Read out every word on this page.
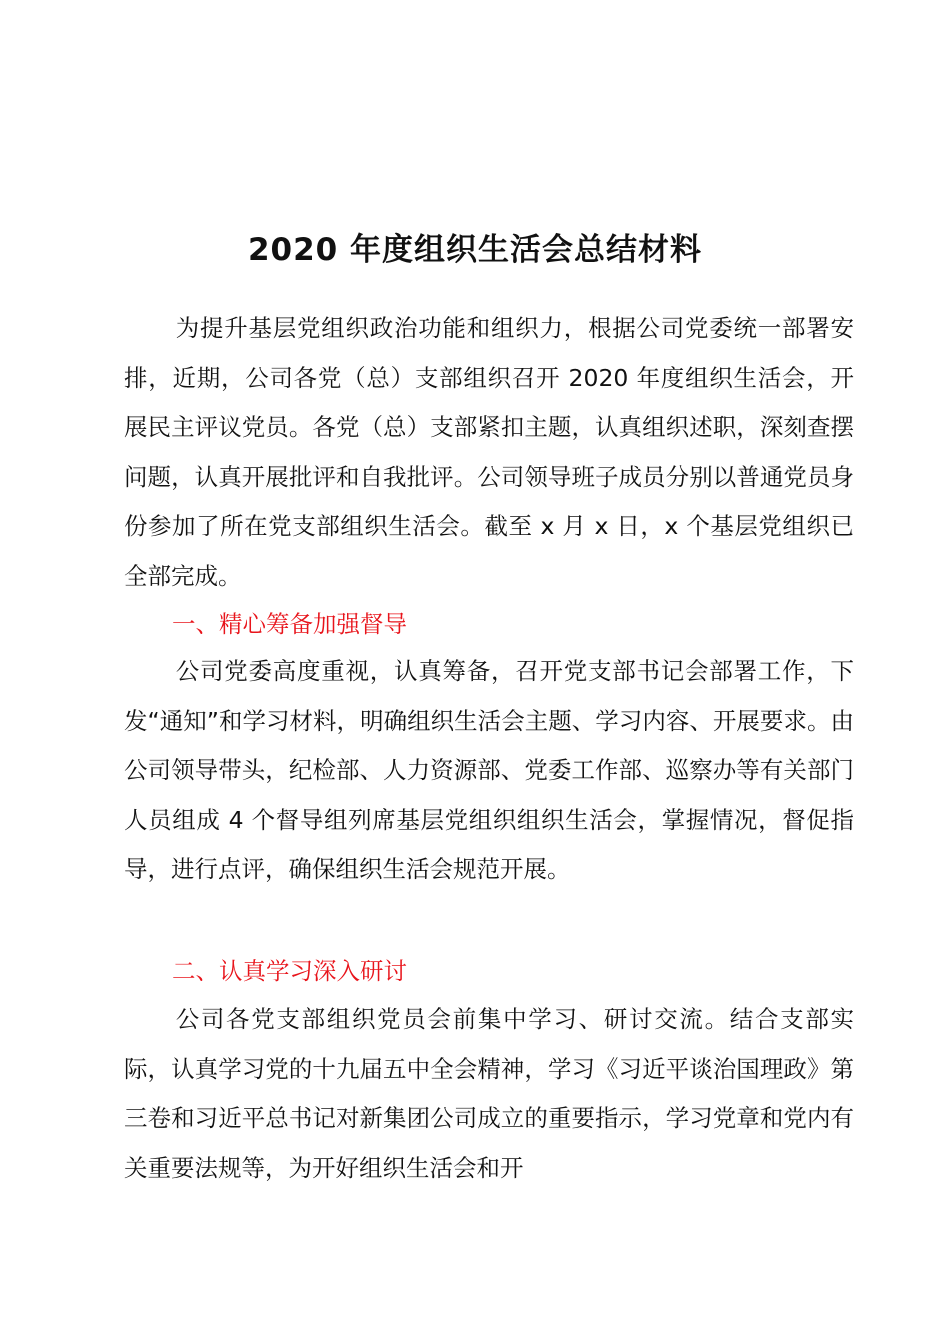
2020 年度组织生活会总结材料
为提升基层党组织政治功能和组织力，根据公司党委统一部署安排，近期，公司各党（总）支部组织召开 2020 年度组织生活会，开展民主评议党员。各党（总）支部紧扣主题，认真组织述职，深刻查摆问题，认真开展批评和自我批评。公司领导班子成员分别以普通党员身份参加了所在党支部组织生活会。截至 x 月 x 日，x 个基层党组织已全部完成。
一、精心筹备加强督导
公司党委高度重视，认真筹备，召开党支部书记会部署工作，下发“通知”和学习材料，明确组织生活会主题、学习内容、开展要求。由公司领导带头，纪检部、人力资源部、党委工作部、巡察办等有关部门人员组成 4 个督导组列席基层党组织组织生活会，掌握情况，督促指导，进行点评，确保组织生活会规范开展。
二、认真学习深入研讨
公司各党支部组织党员会前集中学习、研讨交流。结合支部实际，认真学习党的十九届五中全会精神，学习《习近平谈治国理政》第三卷和习近平总书记对新集团公司成立的重要指示，学习党章和党内有关重要法规等，为开好组织生活会和开
